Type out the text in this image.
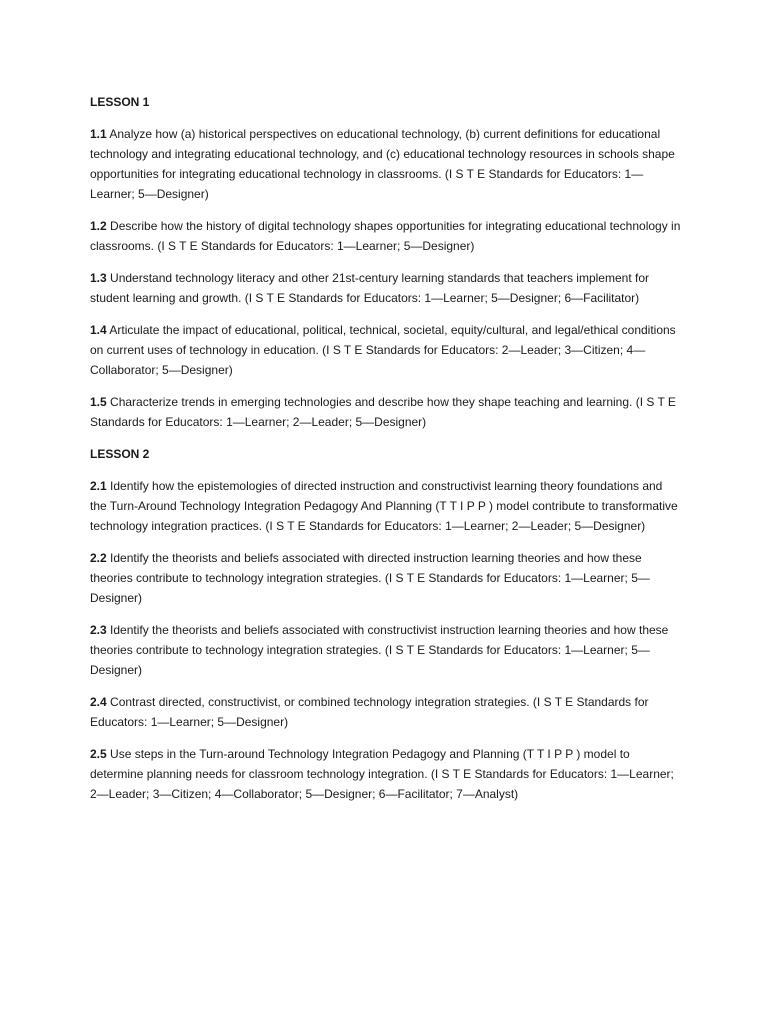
LESSON 1

1.1 Analyze how (a) historical perspectives on educational technology, (b) current definitions for educational technology and integrating educational technology, and (c) educational technology resources in schools shape opportunities for integrating educational technology in classrooms. (I S T E Standards for Educators: 1—Learner; 5—Designer)

1.2 Describe how the history of digital technology shapes opportunities for integrating educational technology in classrooms. (I S T E Standards for Educators: 1—Learner; 5—Designer)

1.3 Understand technology literacy and other 21st-century learning standards that teachers implement for student learning and growth. (I S T E Standards for Educators: 1—Learner; 5—Designer; 6—Facilitator)

1.4 Articulate the impact of educational, political, technical, societal, equity/cultural, and legal/ethical conditions on current uses of technology in education. (I S T E Standards for Educators: 2—Leader; 3—Citizen; 4—Collaborator; 5—Designer)

1.5 Characterize trends in emerging technologies and describe how they shape teaching and learning. (I S T E Standards for Educators: 1—Learner; 2—Leader; 5—Designer)

LESSON 2

2.1 Identify how the epistemologies of directed instruction and constructivist learning theory foundations and the Turn-Around Technology Integration Pedagogy And Planning (T T I P P ) model contribute to transformative technology integration practices. (I S T E Standards for Educators: 1—Learner; 2—Leader; 5—Designer)

2.2 Identify the theorists and beliefs associated with directed instruction learning theories and how these theories contribute to technology integration strategies. (I S T E Standards for Educators: 1—Learner; 5—Designer)

2.3 Identify the theorists and beliefs associated with constructivist instruction learning theories and how these theories contribute to technology integration strategies. (I S T E Standards for Educators: 1—Learner; 5—Designer)

2.4 Contrast directed, constructivist, or combined technology integration strategies. (I S T E Standards for Educators: 1—Learner; 5—Designer)

2.5 Use steps in the Turn-around Technology Integration Pedagogy and Planning (T T I P P ) model to determine planning needs for classroom technology integration. (I S T E Standards for Educators: 1—Learner; 2—Leader; 3—Citizen; 4—Collaborator; 5—Designer; 6—Facilitator; 7—Analyst)
